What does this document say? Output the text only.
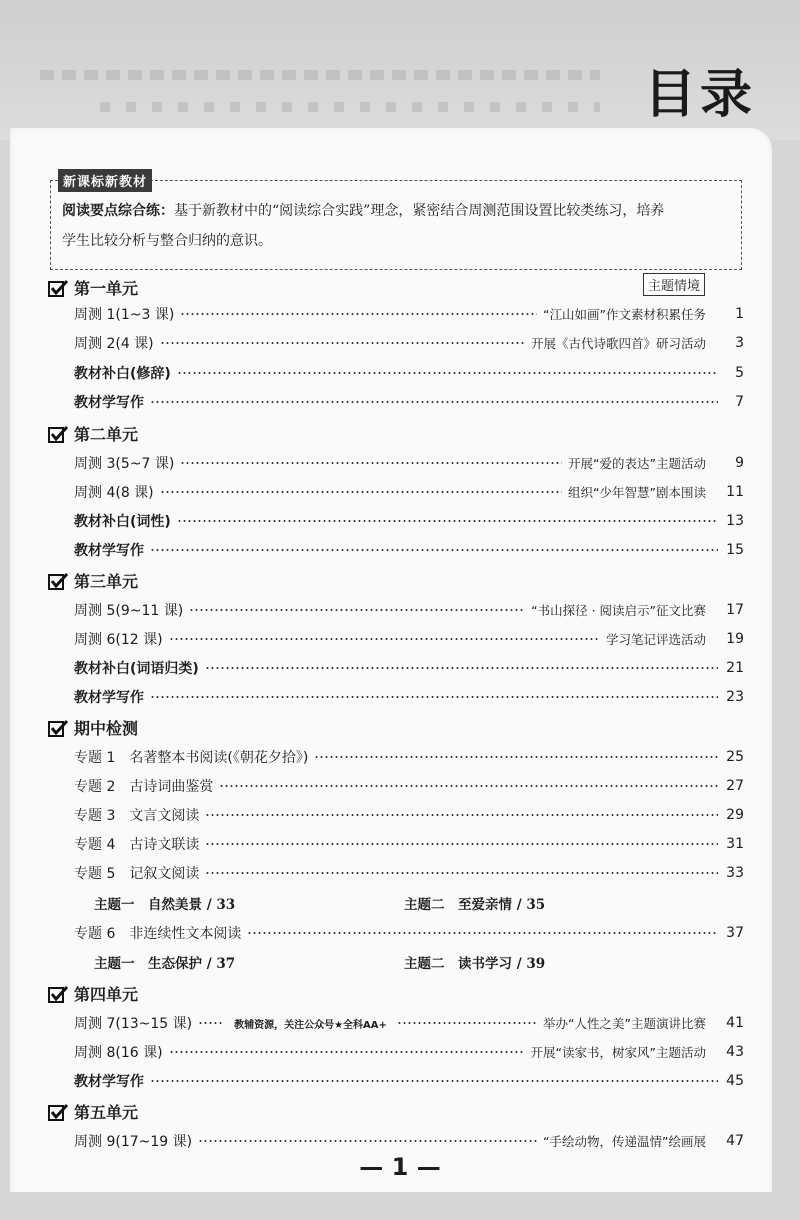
目录
新课标新教材
阅读要点综合练：基于新教材中的“阅读综合实践”理念，紧密结合周测范围设置比较类练习，培养
学生比较分析与整合归纳的意识。
主题情境
第一单元
周测 1(1~3 课)	“江山如画”作文素材积累任务	1
周测 2(4 课)	开展《古代诗歌四首》研习活动	3
教材补白(修辞)	5
教材学写作	7
第二单元
周测 3(5~7 课)	开展“爱的表达”主题活动	9
周测 4(8 课)	组织“少年智慧”剧本围读 11
教材补白(词性)	13
教材学写作	15
第三单元
周测 5(9~11 课)	“书山探径 · 阅读启示”征文比赛 17
周测 6(12 课)	学习笔记评选活动 19
教材补白(词语归类)	21
教材学写作	23
期中检测
专题 1　名著整本书阅读(《朝花夕拾》)	25
专题 2　古诗词曲鉴赏	27
专题 3　文言文阅读	29
专题 4　古诗文联读	31
专题 5　记叙文阅读	33
主题一　自然美景 / 33	主题二　至爱亲情 / 35
专题 6　非连续性文本阅读	37
主题一　生态保护 / 37	主题二　读书学习 / 39
第四单元
周测 7(13~15 课)	教辅资源，关注公众号★全科AA+	举办“人性之美”主题演讲比赛 41
周测 8(16 课)	开展“读家书，树家风”主题活动 43
教材学写作	45
第五单元
周测 9(17~19 课)	“手绘动物，传递温情”绘画展 47
— 1 —
